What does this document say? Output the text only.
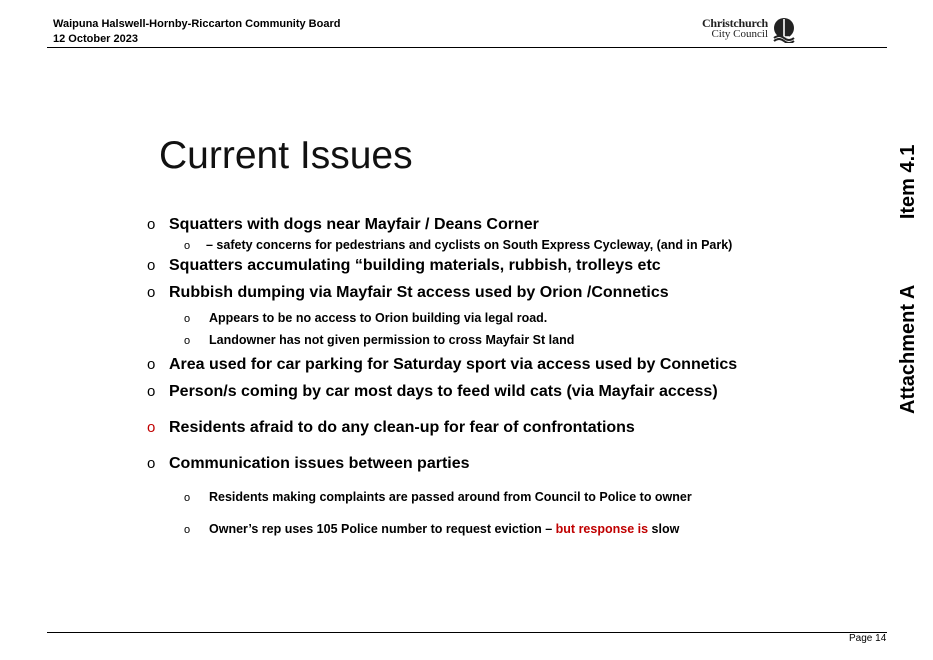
Waipuna Halswell-Hornby-Riccarton Community Board
12 October 2023
Christchurch
City Council
Attachment A Item 4.1
Current Issues
o Squatters with dogs near Mayfair / Deans Corner
o – safety concerns for pedestrians and cyclists on South Express Cycleway, (and in Park)
o Squatters accumulating “building materials, rubbish, trolleys etc
o Rubbish dumping via Mayfair St access used by Orion /Connetics
o Appears to be no access to Orion building via legal road.
o Landowner has not given permission to cross Mayfair St land
o Area used for car parking for Saturday sport via access used by Connetics
o Person/s coming by car most days to feed wild cats (via Mayfair access)
o Residents afraid to do any clean-up for fear of confrontations
o Communication issues between parties
o Residents making complaints are passed around from Council to Police to owner
o Owner’s rep uses 105 Police number to request eviction – but response is slow
Page 14
